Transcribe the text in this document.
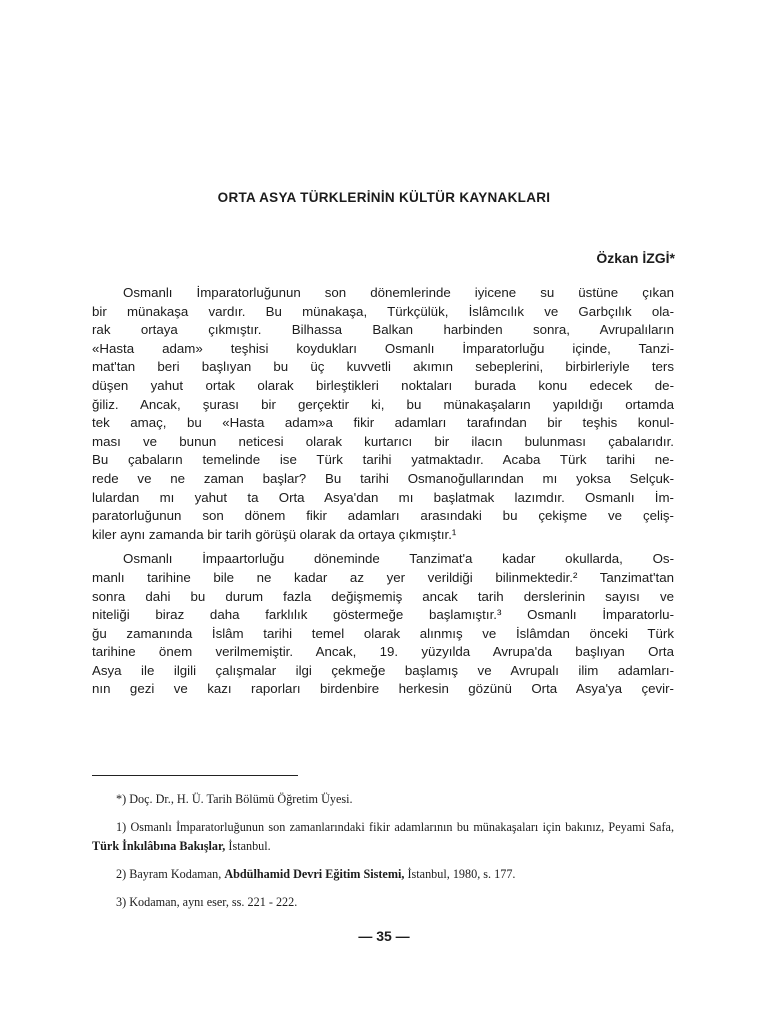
ORTA ASYA TÜRKLERİNİN KÜLTÜR KAYNAKLARI
Özkan İZGİ*

Osmanlı İmparatorluğunun son dönemlerinde iyicene su üstüne çıkan

bir münakaşa vardır. Bu münakaşa, Türkçülük, İslâmcılık ve Garbçılık ola-

rak ortaya çıkmıştır. Bilhassa Balkan harbinden sonra, Avrupalıların

«Hasta adam» teşhisi koydukları Osmanlı İmparatorluğu içinde, Tanzi-

mat'tan beri başlıyan bu üç kuvvetli akımın sebeplerini, birbirleriyle ters

düşen yahut ortak olarak birleştikleri noktaları burada konu edecek de-

ğiliz. Ancak, şurası bir gerçektir ki, bu münakaşaların yapıldığı ortamda

tek amaç, bu «Hasta adam»a fikir adamları tarafından bir teşhis konul-

ması ve bunun neticesi olarak kurtarıcı bir ilacın bulunması çabalarıdır.

Bu çabaların temelinde ise Türk tarihi yatmaktadır. Acaba Türk tarihi ne-

rede ve ne zaman başlar? Bu tarihi Osmanoğullarından mı yoksa Selçuk-

lulardan mı yahut ta Orta Asya'dan mı başlatmak lazımdır. Osmanlı İm-

paratorluğunun son dönem fikir adamları arasındaki bu çekişme ve çeliş-

kiler aynı zamanda bir tarih görüşü olarak da ortaya çıkmıştır.¹

Osmanlı İmpaartorluğu döneminde Tanzimat'a kadar okullarda, Os-

manlı tarihine bile ne kadar az yer verildiği bilinmektedir.² Tanzimat'tan

sonra dahi bu durum fazla değişmemiş ancak tarih derslerinin sayısı ve

niteliği biraz daha farklılık göstermeğe başlamıştır.³ Osmanlı İmparatorlu-

ğu zamanında İslâm tarihi temel olarak alınmış ve İslâmdan önceki Türk

tarihine önem verilmemiştir. Ancak, 19. yüzyılda Avrupa'da başlıyan Orta

Asya ile ilgili çalışmalar ilgi çekmeğe başlamış ve Avrupalı ilim adamları-

nın gezi ve kazı raporları birdenbire herkesin gözünü Orta Asya'ya çevir-

*) Doç. Dr., H. Ü. Tarih Bölümü Öğretim Üyesi.

1) Osmanlı İmparatorluğunun son zamanlarındaki fikir adamlarının bu münakaşaları için bakınız, Peyami Safa, Türk İnkılâbına Bakışlar, İstanbul.

2) Bayram Kodaman, Abdülhamid Devri Eğitim Sistemi, İstanbul, 1980, s. 177.

3) Kodaman, aynı eser, ss. 221 - 222.

— 35 —
